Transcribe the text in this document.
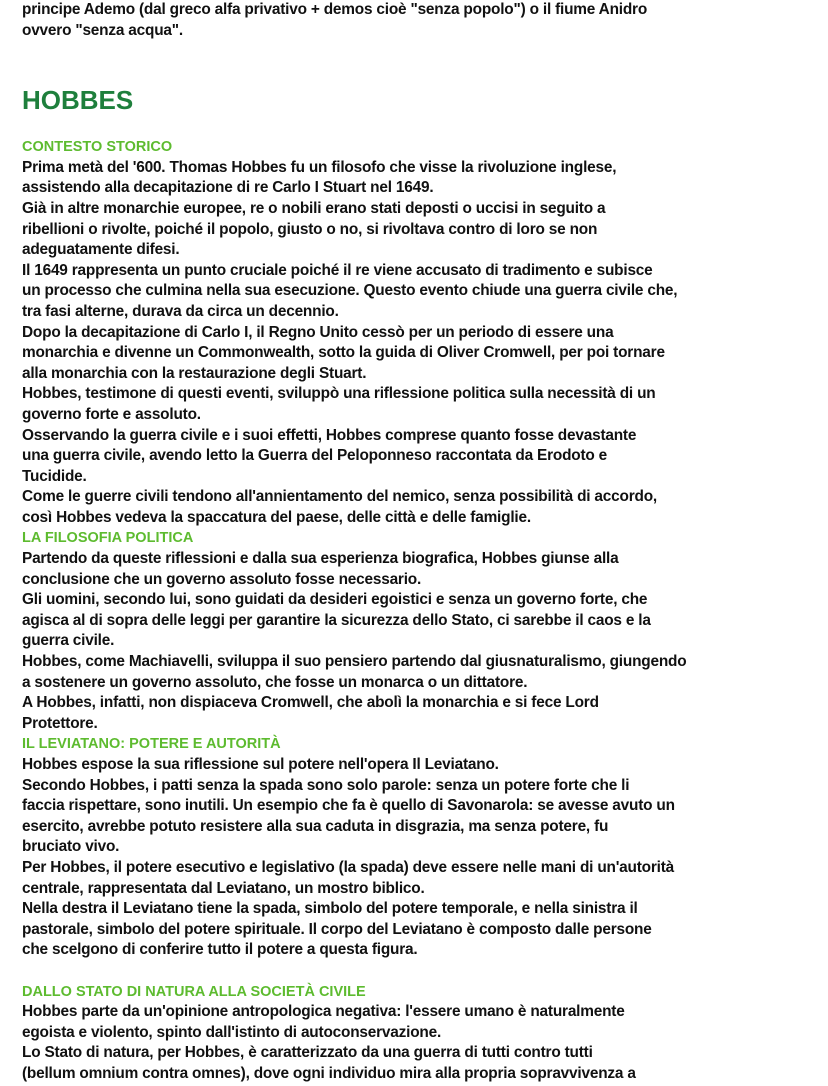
principe Ademo (dal greco alfa privativo + demos cioè "senza popolo") o il fiume Anidro
ovvero "senza acqua".
HOBBES
CONTESTO STORICO
Prima metà del '600. Thomas Hobbes fu un filosofo che visse la rivoluzione inglese,
assistendo alla decapitazione di re Carlo I Stuart nel 1649.
Già in altre monarchie europee, re o nobili erano stati deposti o uccisi in seguito a
ribellioni o rivolte, poiché il popolo, giusto o no, si rivoltava contro di loro se non
adeguatamente difesi.
Il 1649 rappresenta un punto cruciale poiché il re viene accusato di tradimento e subisce
un processo che culmina nella sua esecuzione. Questo evento chiude una guerra civile che,
tra fasi alterne, durava da circa un decennio.
Dopo la decapitazione di Carlo I, il Regno Unito cessò per un periodo di essere una
monarchia e divenne un Commonwealth, sotto la guida di Oliver Cromwell, per poi tornare
alla monarchia con la restaurazione degli Stuart.
Hobbes, testimone di questi eventi, sviluppò una riflessione politica sulla necessità di un
governo forte e assoluto.
Osservando la guerra civile e i suoi effetti, Hobbes comprese quanto fosse devastante
una guerra civile, avendo letto la Guerra del Peloponneso raccontata da Erodoto e
Tucidide.
Come le guerre civili tendono all'annientamento del nemico, senza possibilità di accordo,
così Hobbes vedeva la spaccatura del paese, delle città e delle famiglie.
LA FILOSOFIA POLITICA
Partendo da queste riflessioni e dalla sua esperienza biografica, Hobbes giunse alla
conclusione che un governo assoluto fosse necessario.
Gli uomini, secondo lui, sono guidati da desideri egoistici e senza un governo forte, che
agisca al di sopra delle leggi per garantire la sicurezza dello Stato, ci sarebbe il caos e la
guerra civile.
Hobbes, come Machiavelli, sviluppa il suo pensiero partendo dal giusnaturalismo, giungendo
a sostenere un governo assoluto, che fosse un monarca o un dittatore.
A Hobbes, infatti, non dispiaceva Cromwell, che abolì la monarchia e si fece Lord
Protettore.
IL LEVIATANO: POTERE E AUTORITÀ
Hobbes espose la sua riflessione sul potere nell'opera Il Leviatano.
Secondo Hobbes, i patti senza la spada sono solo parole: senza un potere forte che li
faccia rispettare, sono inutili. Un esempio che fa è quello di Savonarola: se avesse avuto un
esercito, avrebbe potuto resistere alla sua caduta in disgrazia, ma senza potere, fu
bruciato vivo.
Per Hobbes, il potere esecutivo e legislativo (la spada) deve essere nelle mani di un'autorità
centrale, rappresentata dal Leviatano, un mostro biblico.
Nella destra il Leviatano tiene la spada, simbolo del potere temporale, e nella sinistra il
pastorale, simbolo del potere spirituale. Il corpo del Leviatano è composto dalle persone
che scelgono di conferire tutto il potere a questa figura.
DALLO STATO DI NATURA ALLA SOCIETÀ CIVILE
Hobbes parte da un'opinione antropologica negativa: l'essere umano è naturalmente
egoista e violento, spinto dall'istinto di autoconservazione.
Lo Stato di natura, per Hobbes, è caratterizzato da una guerra di tutti contro tutti
(bellum omnium contra omnes), dove ogni individuo mira alla propria sopravvivenza a
